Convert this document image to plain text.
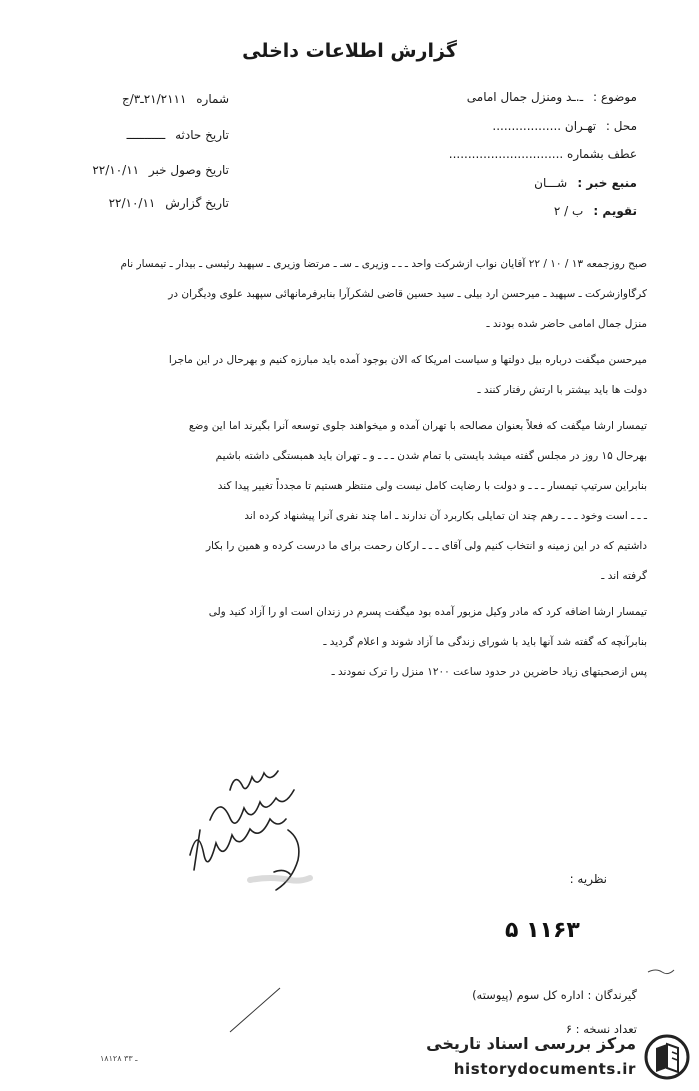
گزارش اطلاعات داخلی
موضوع : ـ.ـد ومنزل جمال امامی
محل : تهـران ..................
عطف بشماره ..............................
منبع خبر : شـــان
تقویم : ب / ۲
شماره ۲۱/۲۱۱۱ـ۳/ج
تاریخ حادثه ـــــــــــ
تاریخ وصول خبر ۲۲/۱۰/۱۱
تاریخ گزارش ۲۲/۱۰/۱۱

صبح روزجمعه ۱۳ / ۱۰ / ۲۲ آقایان نواب ازشرکت واحد ـ ـ ـ وزیری ـ سـ ـ مرتضا وزیری ـ سپهبد رئیسی ـ بیدار ـ تیمسار نام

کرگاوازشرکت ـ سپهبد ـ میرحسن ارد بیلی ـ سید حسین قاضی لشکرآرا بنابرفرمانهائی سپهبد علوی ودیگران در

منزل جمال امامی حاضر شده بودند ـ

میرحسن میگفت درباره بیل دولتها و سیاست امریکا که الان بوجود آمده باید مبارزه کنیم و بهرحال در این ماجرا

دولت ها باید بیشتر با ارتش رفتار کنند ـ

تیمسار ارشا میگفت که فعلاً بعنوان مصالحه با تهران آمده و میخواهند جلوی توسعه آنرا بگیرند اما این وضع

بهرحال ۱۵ روز در مجلس گفته میشد بایستی با تمام شدن ـ ـ ـ و ـ تهران باید همبستگی داشته باشیم

بنابراین سرتیپ تیمسار ـ ـ ـ و دولت با رضایت کامل نیست ولی منتظر هستیم تا مجدداً تغییر پیدا کند

ـ ـ ـ است وخود ـ ـ ـ رهم چند ان تمایلی بکاربرد آن ندارند ـ اما چند نفری آنرا پیشنهاد کرده اند

داشتیم که در این زمینه و انتخاب کنیم ولی آقای ـ ـ ـ ارکان رحمت برای ما درست کرده و همین را بکار

گرفته اند ـ

تیمسار ارشا اضافه کرد که مادر وکیل مزبور آمده بود میگفت پسرم در زندان است او را آزاد کنید ولی

بنابرآنچه که گفته شد آنها باید با شورای زندگی ما آزاد شوند و اعلام گردید ـ

پس ازصحبتهای زیاد حاضرین در حدود ساعت ۱۲۰۰ منزل را ترک نمودند ـ

نظریه :
۵ ۱۱۶۳
گیرندگان : اداره کل سوم (پیوسته)
تعداد نسخه : ۶
۱۸۱۲۸ ـ ۳۳
مرکز بررسی اسناد تاریخی
historydocuments.ir
